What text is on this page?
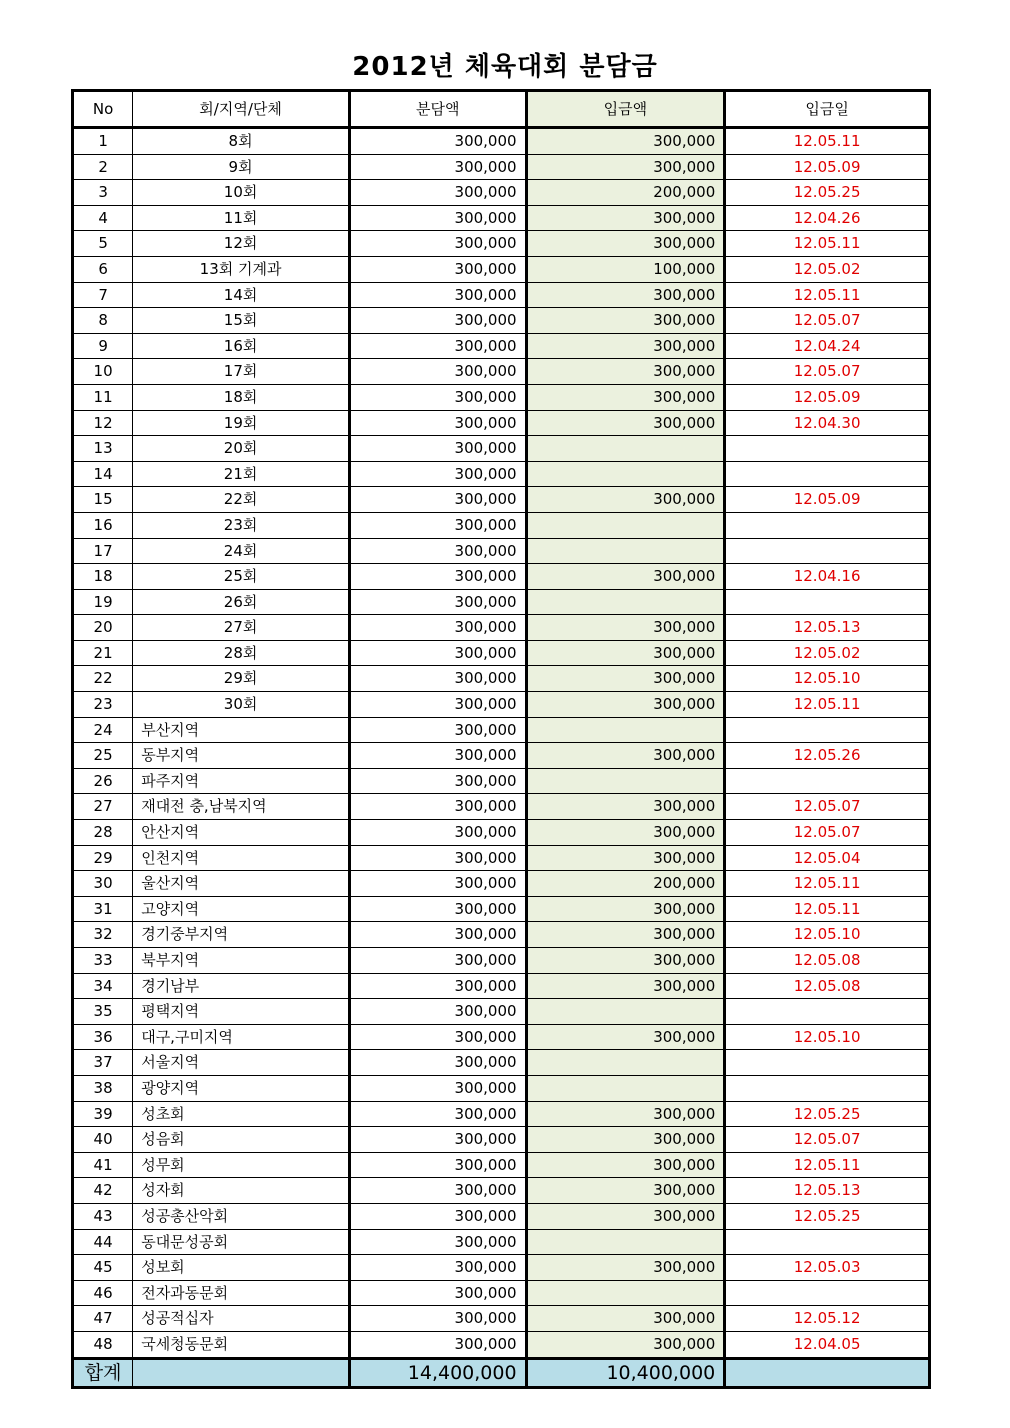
2012년 체육대회 분담금
No	회/지역/단체	분담액	입금액	입금일
1	8회	300,000	300,000	12.05.11
2	9회	300,000	300,000	12.05.09
3	10회	300,000	200,000	12.05.25
4	11회	300,000	300,000	12.04.26
5	12회	300,000	300,000	12.05.11
6	13회 기계과	300,000	100,000	12.05.02
7	14회	300,000	300,000	12.05.11
8	15회	300,000	300,000	12.05.07
9	16회	300,000	300,000	12.04.24
10	17회	300,000	300,000	12.05.07
11	18회	300,000	300,000	12.05.09
12	19회	300,000	300,000	12.04.30
13	20회	300,000		
14	21회	300,000		
15	22회	300,000	300,000	12.05.09
16	23회	300,000		
17	24회	300,000		
18	25회	300,000	300,000	12.04.16
19	26회	300,000		
20	27회	300,000	300,000	12.05.13
21	28회	300,000	300,000	12.05.02
22	29회	300,000	300,000	12.05.10
23	30회	300,000	300,000	12.05.11
24	부산지역	300,000		
25	동부지역	300,000	300,000	12.05.26
26	파주지역	300,000		
27	재대전 충,남북지역	300,000	300,000	12.05.07
28	안산지역	300,000	300,000	12.05.07
29	인천지역	300,000	300,000	12.05.04
30	울산지역	300,000	200,000	12.05.11
31	고양지역	300,000	300,000	12.05.11
32	경기중부지역	300,000	300,000	12.05.10
33	북부지역	300,000	300,000	12.05.08
34	경기남부	300,000	300,000	12.05.08
35	평택지역	300,000		
36	대구,구미지역	300,000	300,000	12.05.10
37	서울지역	300,000		
38	광양지역	300,000		
39	성초회	300,000	300,000	12.05.25
40	성음회	300,000	300,000	12.05.07
41	성무회	300,000	300,000	12.05.11
42	성자회	300,000	300,000	12.05.13
43	성공총산악회	300,000	300,000	12.05.25
44	동대문성공회	300,000		
45	성보회	300,000	300,000	12.05.03
46	전자과동문회	300,000		
47	성공적십자	300,000	300,000	12.05.12
48	국세청동문회	300,000	300,000	12.04.05
합계		14,400,000	10,400,000	
